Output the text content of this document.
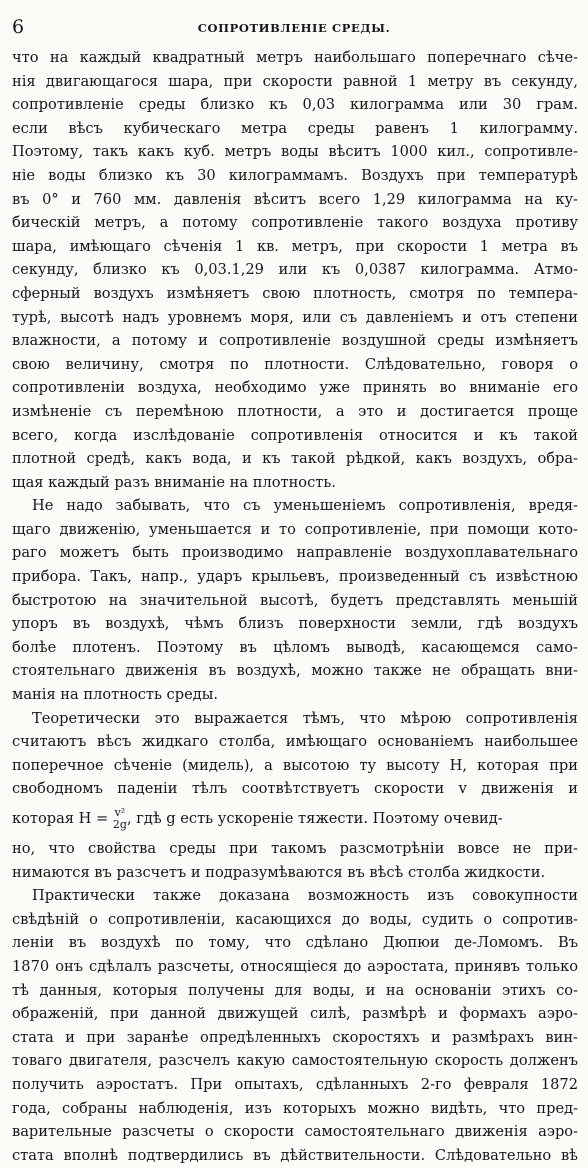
6	СОПРОТИВЛЕНІЕ СРЕДЫ.
что на каждый квадратный метръ наибольшаго поперечнаго сѣче-
нія двигающагося шара, при скорости равной 1 метру въ секунду,
сопротивленіе среды близко къ 0,03 килограмма или 30 грам.
если вѣсъ кубическаго метра среды равенъ 1 килограмму.
Поэтому, такъ какъ куб. метръ воды вѣситъ 1000 кил., сопротивле-
ніе воды близко къ 30 килограммамъ. Воздухъ при температурѣ
въ 0° и 760 мм. давленія вѣситъ всего 1,29 килограмма на ку-
бическій метръ, а потому сопротивленіе такого воздуха противу
шара, имѣющаго сѣченія 1 кв. метръ, при скорости 1 метра въ
секунду, близко къ 0,03.1,29 или къ 0,0387 килограмма. Атмо-
сферный воздухъ измѣняетъ свою плотность, смотря по темпера-
турѣ, высотѣ надъ уровнемъ моря, или съ давленіемъ и отъ степени
влажности, а потому и сопротивленіе воздушной среды измѣняетъ
свою величину, смотря по плотности. Слѣдовательно, говоря о
сопротивленіи воздуха, необходимо уже принять во вниманіе его
измѣненіе съ перемѣною плотности, а это и достигается проще
всего, когда изслѣдованіе сопротивленія относится и къ такой
плотной средѣ, какъ вода, и къ такой рѣдкой, какъ воздухъ, обра-
щая каждый разъ вниманіе на плотность.
Не надо забывать, что съ уменьшеніемъ сопротивленія, вредя-
щаго движенію, уменьшается и то сопротивленіе, при помощи кото-
раго можетъ быть производимо направленіе воздухоплавательнаго
прибора. Такъ, напр., ударъ крыльевъ, произведенный съ извѣстною
быстротою на значительной высотѣ, будетъ представлять меньшій
упоръ въ воздухѣ, чѣмъ близъ поверхности земли, гдѣ воздухъ
болѣе плотенъ. Поэтому въ цѣломъ выводѣ, касающемся само-
стоятельнаго движенія въ воздухѣ, можно также не обращать вни-
манія на плотность среды.
Теоретически это выражается тѣмъ, что мѣрою сопротивленія
считаютъ вѣсъ жидкаго столба, имѣющаго основаніемъ наибольшее
поперечное сѣченіе (мидель), а высотою ту высоту H, которая при
свободномъ паденіи тѣлъ соотвѣтствуетъ скорости v движенія и
которая H = v²
2g , гдѣ g есть ускореніе тяжести. Поэтому очевид-
но, что свойства среды при такомъ разсмотрѣніи вовсе не при-
нимаются въ разсчетъ и подразумѣваются въ вѣсѣ столба жидкости.
Практически также доказана возможность изъ совокупности
свѣдѣній о сопротивленіи, касающихся до воды, судить о сопротив-
леніи въ воздухѣ по тому, что сдѣлано Дюпюи де-Ломомъ. Въ
1870 онъ сдѣлалъ разсчеты, относящіеся до аэростата, принявъ только
тѣ данныя, которыя получены для воды, и на основаніи этихъ со-
ображеній, при данной движущей силѣ, размѣрѣ и формахъ аэро-
стата и при заранѣе опредѣленныхъ скоростяхъ и размѣрахъ вин-
товаго двигателя, разсчелъ какую самостоятельную скорость долженъ
получить аэростатъ. При опытахъ, сдѣланныхъ 2-го февраля 1872
года, собраны наблюденія, изъ которыхъ можно видѣть, что пред-
варительные разсчеты о скорости самостоятельнаго движенія аэро-
стата вполнѣ подтвердились въ дѣйствительности. Слѣдовательно вѣ
